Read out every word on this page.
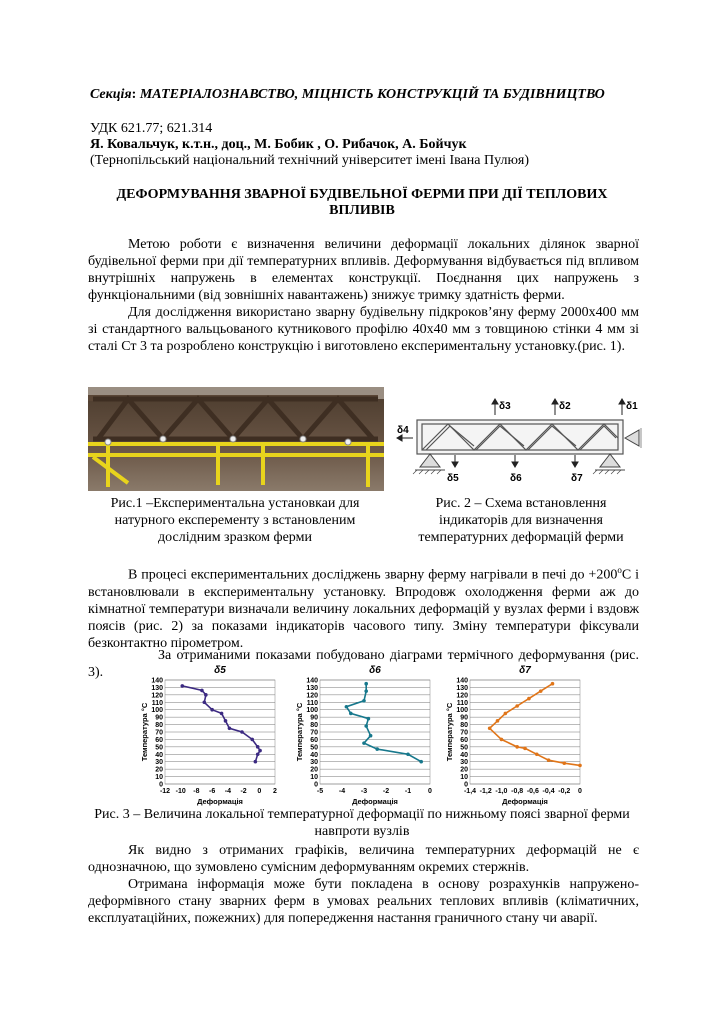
Секція: МАТЕРІАЛОЗНАВСТВО, МІЦНІСТЬ КОНСТРУКЦІЙ ТА БУДІВНИЦТВО
УДК 621.77; 621.314
Я. Ковальчук, к.т.н., доц., М. Бобик , О. Рибачок, А. Бойчук
(Тернопільський національний технічний університет імені Івана Пулюя)
ДЕФОРМУВАННЯ ЗВАРНОЇ БУДІВЕЛЬНОЇ ФЕРМИ ПРИ ДІЇ ТЕПЛОВИХ ВПЛИВІВ

Метою роботи є визначення величини деформації локальних ділянок зварної будівельної ферми при дії температурних впливів. Деформування відбувається під впливом внутрішніх напружень в елементах конструкції. Поєднання цих напружень з функціональними (від зовнішніх навантажень) знижує тримку здатність ферми.

Для дослідження використано зварну будівельну підкроков’яну ферму 2000х400 мм зі стандартного вальцьованого кутникового профілю 40х40 мм з товщиною стінки 4 мм зі сталі Ст 3 та розроблено конструкцію і виготовлено експериментальну установку.(рис. 1).

δ1
δ2
δ3
δ4
δ5	δ6	δ7
Рис.1 –Експериментальна установкаи для натурного експеременту з встановленим дослідним зразком ферми
Рис. 2 – Схема встановлення індикаторів для визначення температурних деформацій ферми

В процесі експериментальних досліджень зварну ферму нагрівали в печі до $+200^оС$ і встановлювали в експериментальну установку. Впродовж охолодження ферми аж до кімнатної температури визначали величину локальних деформацій у вузлах ферми і вздовж поясів (рис. 2) за показами індикаторів часового типу. Зміну температури фіксували безконтактно пірометром.

За отриманими показами побудовано діаграми термічного деформування (рис. 3).	δ5
0
10
20
30
40
50
60
70
80
90
100
110
120
130
140
-12 -10 -8 -6 -4 -2 0 2
Деформація
Температура °С
δ6
0
10
20
30
40
50
60
70
80
90
100
110
120
130
140
-5 -4 -3 -2 -1 0
Деформація
Температура °С
δ7
0
10
20
30
40
50
60
70
80
90
100
110
120
130
140
-1,4 -1,2 -1,0 -0,8 -0,6 -0,4 -0,2 0
Деформація
Температура °С
Рис. 3 – Величина локальної температурної деформації по нижньому поясі зварної ферми навпроти вузлів

Як видно з отриманих графіків, величина температурних деформацій не є однозначною, що зумовлено сумісним деформуванням окремих стержнів.

Отримана інформація може бути покладена в основу розрахунків напружено-деформівного стану зварних ферм в умовах реальних теплових впливів (кліматичних, експлуатаційних, пожежних) для попередження настання граничного стану чи аварії.
